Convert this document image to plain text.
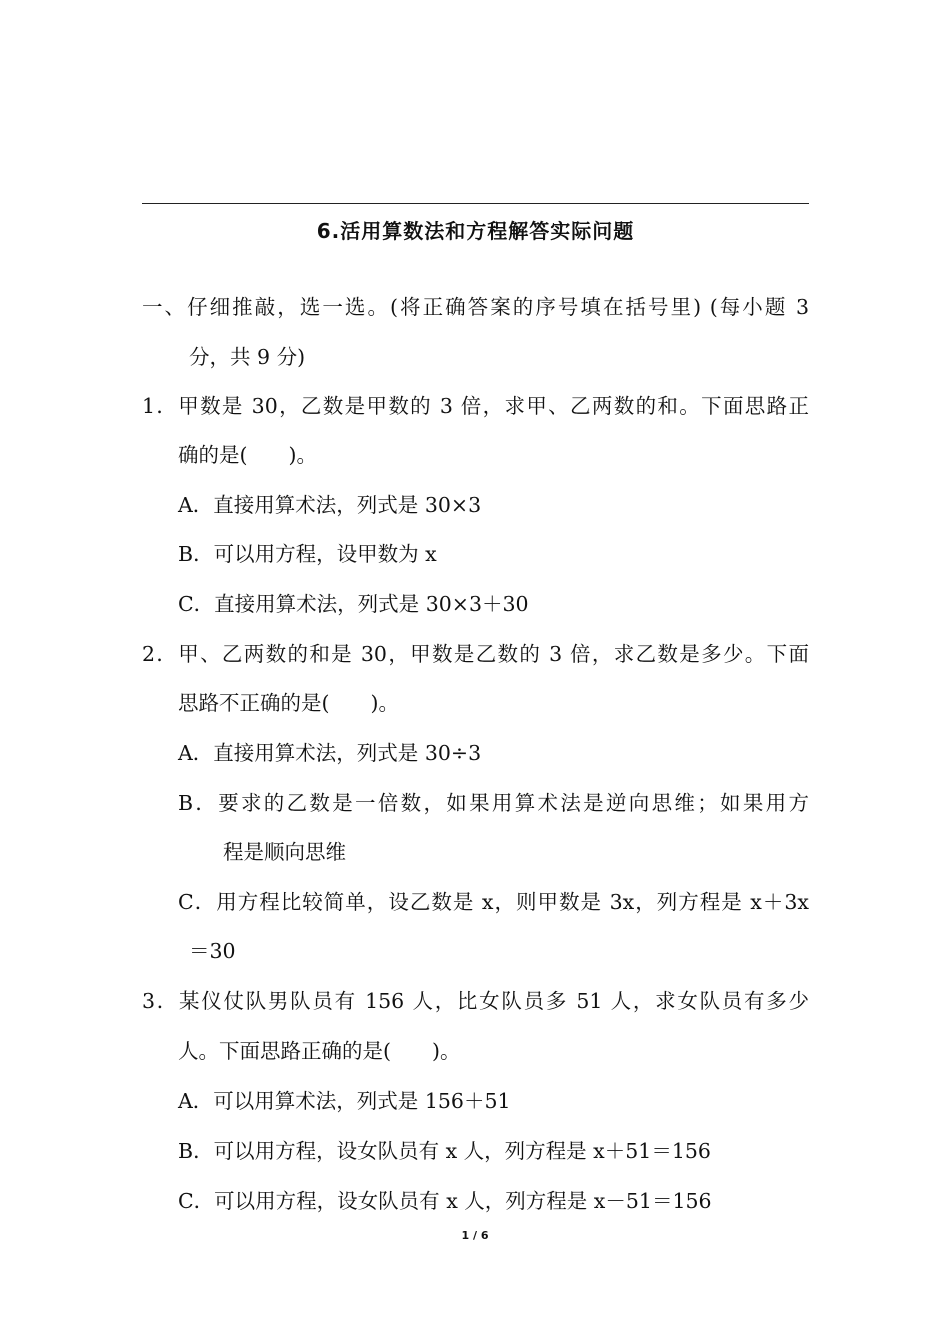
6.活用算数法和方程解答实际问题
一、仔细推敲，选一选。(将正确答案的序号填在括号里) (每小题 3
分，共 9 分)
1．甲数是 30，乙数是甲数的 3 倍，求甲、乙两数的和。下面思路正
确的是(　　)。
A．直接用算术法，列式是 30×3
B．可以用方程，设甲数为 x
C．直接用算术法，列式是 30×3＋30
2．甲、乙两数的和是 30，甲数是乙数的 3 倍，求乙数是多少。下面
思路不正确的是(　　)。
A．直接用算术法，列式是 30÷3
B．要求的乙数是一倍数，如果用算术法是逆向思维；如果用方
程是顺向思维
C．用方程比较简单，设乙数是 x，则甲数是 3x，列方程是 x＋3x
＝30
3．某仪仗队男队员有 156 人，比女队员多 51 人，求女队员有多少
人。下面思路正确的是(　　)。
A．可以用算术法，列式是 156＋51
B．可以用方程，设女队员有 x 人，列方程是 x＋51＝156
C．可以用方程，设女队员有 x 人，列方程是 x－51＝156
1 / 6
